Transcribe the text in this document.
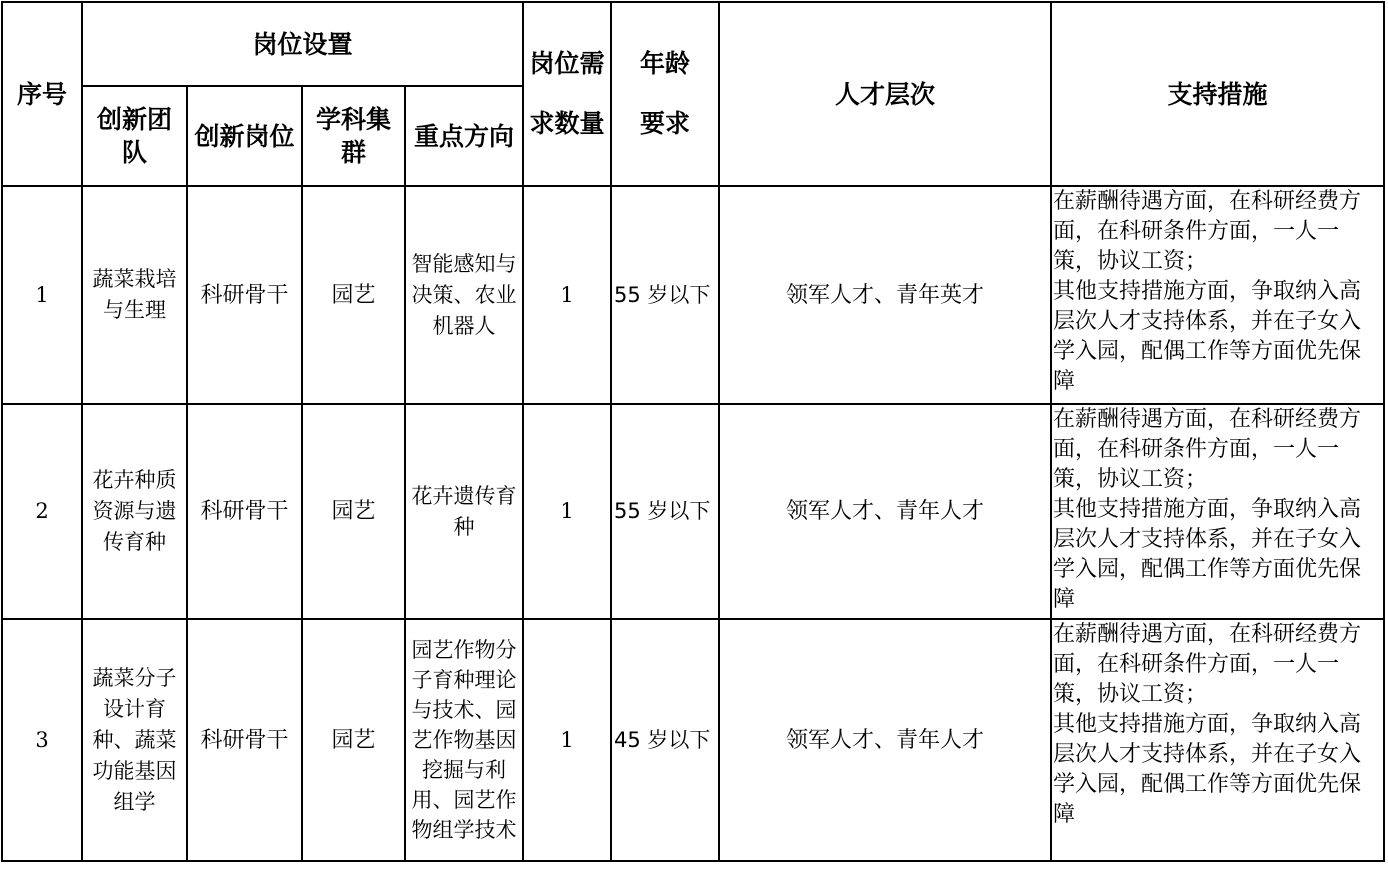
序号	岗位设置				岗位需求数量	年龄要求	人才层次	支持措施
	创新团队	创新岗位	学科集群	重点方向				
1	蔬菜栽培与生理	科研骨干	园艺	智能感知与决策、农业机器人	1	55 岁以下	领军人才、青年英才	在薪酬待遇方面，在科研经费方面，在科研条件方面，一人一策，协议工资；
其他支持措施方面，争取纳入高层次人才支持体系，并在子女入学入园，配偶工作等方面优先保障

2	花卉种质资源与遗传育种	科研骨干	园艺	花卉遗传育种	1	55 岁以下	领军人才、青年人才	在薪酬待遇方面，在科研经费方面，在科研条件方面，一人一策，协议工资；
其他支持措施方面，争取纳入高层次人才支持体系，并在子女入学入园，配偶工作等方面优先保障

3	蔬菜分子设计育种、蔬菜功能基因组学	科研骨干	园艺	园艺作物分子育种理论与技术、园艺作物基因挖掘与利用、园艺作物组学技术	1	45 岁以下	领军人才、青年人才	在薪酬待遇方面，在科研经费方面，在科研条件方面，一人一策，协议工资；
其他支持措施方面，争取纳入高层次人才支持体系，并在子女入学入园，配偶工作等方面优先保障
